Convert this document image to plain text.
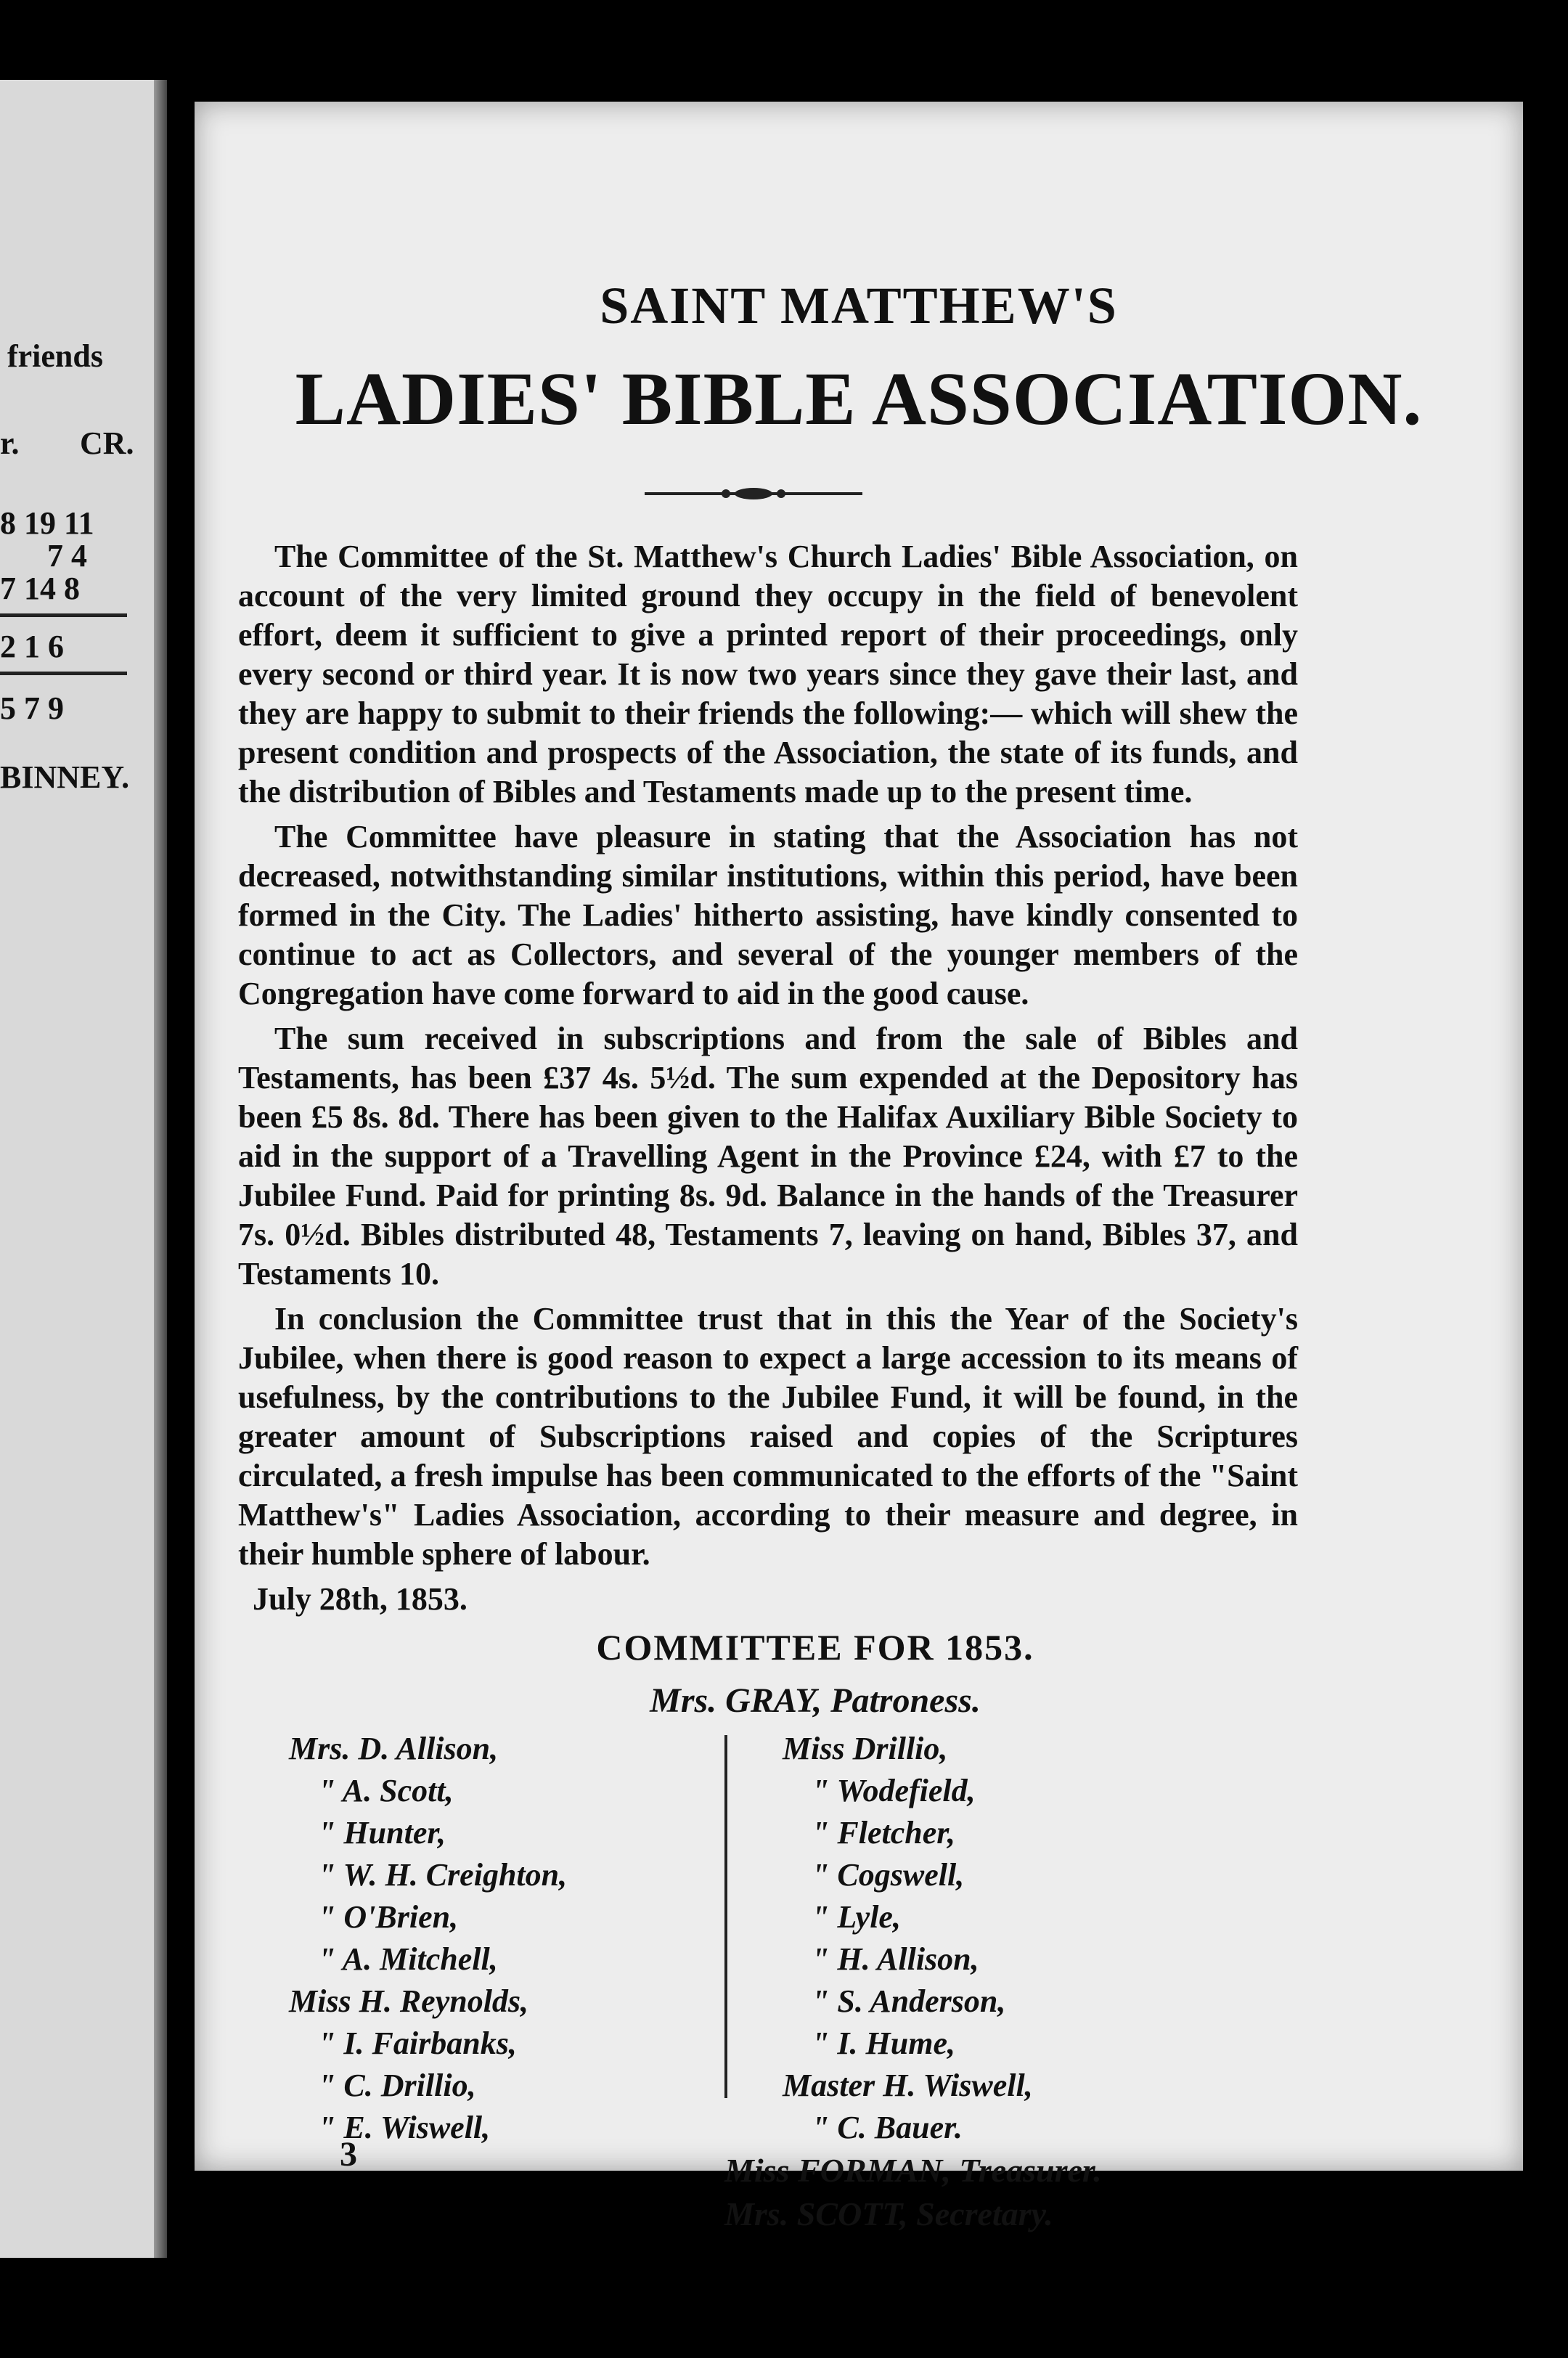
friends
r. CR.
8 19 11
7 4
7 14 8
2 1 6
5 7 9
BINNEY.
SAINT MATTHEW'S
LADIES' BIBLE ASSOCIATION.

The Committee of the St. Matthew's Church Ladies' Bible Association, on account of the very limited ground they occupy in the field of benevolent effort, deem it sufficient to give a printed report of their proceedings, only every second or third year. It is now two years since they gave their last, and they are happy to submit to their friends the following:— which will shew the present condition and prospects of the Association, the state of its funds, and the distribution of Bibles and Testaments made up to the present time.

The Committee have pleasure in stating that the Association has not decreased, notwithstanding similar institutions, within this period, have been formed in the City. The Ladies' hitherto assisting, have kindly consented to continue to act as Collectors, and several of the younger members of the Congregation have come forward to aid in the good cause.

The sum received in subscriptions and from the sale of Bibles and Testaments, has been £37 4s. 5½d. The sum expended at the Depository has been £5 8s. 8d. There has been given to the Halifax Auxiliary Bible Society to aid in the support of a Travelling Agent in the Province £24, with £7 to the Jubilee Fund. Paid for printing 8s. 9d. Balance in the hands of the Treasurer 7s. 0½d. Bibles distributed 48, Testaments 7, leaving on hand, Bibles 37, and Testaments 10.

In conclusion the Committee trust that in this the Year of the Society's Jubilee, when there is good reason to expect a large accession to its means of usefulness, by the contributions to the Jubilee Fund, it will be found, in the greater amount of Subscriptions raised and copies of the Scriptures circulated, a fresh impulse has been communicated to the efforts of the "Saint Matthew's" Ladies Association, according to their measure and degree, in their humble sphere of labour.

July 28th, 1853.

COMMITTEE FOR 1853.
Mrs. GRAY, Patroness.
Mrs. D. Allison,
" A. Scott,
" Hunter,
" W. H. Creighton,
" O'Brien,
" A. Mitchell,
Miss H. Reynolds,
" I. Fairbanks,
" C. Drillio,
" E. Wiswell,
Miss Drillio,
" Wodefield,
" Fletcher,
" Cogswell,
" Lyle,
" H. Allison,
" S. Anderson,
" I. Hume,
Master H. Wiswell,
" C. Bauer.
3	Miss FORMAN, Treasurer.
Mrs. SCOTT, Secretary.
